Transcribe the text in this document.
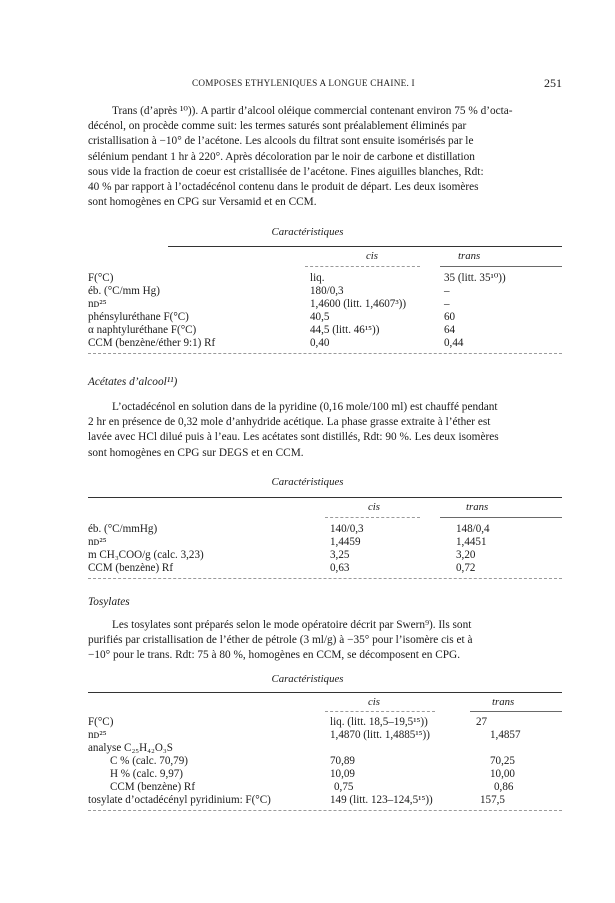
COMPOSES ETHYLENIQUES A LONGUE CHAINE. I	251
Trans (d’après ¹⁰)). A partir d’alcool oléique commercial contenant environ 75 % d’octa-
décénol, on procède comme suit: les termes saturés sont préalablement éliminés par
cristallisation à −10° de l’acétone. Les alcools du filtrat sont ensuite isomérisés par le
sélénium pendant 1 hr à 220°. Après décoloration par le noir de carbone et distillation
sous vide la fraction de coeur est cristallisée de l’acétone. Fines aiguilles blanches, Rdt:
40 % par rapport à l’octadécénol contenu dans le produit de départ. Les deux isomères
sont homogènes en CPG sur Versamid et en CCM.
Caractéristiques
cis	trans
F(°C)	liq.	35 (litt. 35¹⁰))
éb. (°C/mm Hg)	180/0,3	–
nᴅ²⁵	1,4600 (litt. 1,4607³))	–
phénsyluréthane F(°C)	40,5	60
α naphtyluréthane F(°C)	44,5 (litt. 46¹⁵))	64
CCM (benzène/éther 9:1) Rf	0,40	0,44
Acétates d’alcool¹¹)
L’octadécénol en solution dans de la pyridine (0,16 mole/100 ml) est chauffé pendant
2 hr en présence de 0,32 mole d’anhydride acétique. La phase grasse extraite à l’éther est
lavée avec HCl dilué puis à l’eau. Les acétates sont distillés, Rdt: 90 %. Les deux isomères
sont homogènes en CPG sur DEGS et en CCM.
Caractéristiques
cis	trans
éb. (°C/mmHg)	140/0,3	148/0,4
nᴅ²⁵	1,4459	1,4451
m CH₃COO/g (calc. 3,23)	3,25	3,20
CCM (benzène) Rf	0,63	0,72
Tosylates
Les tosylates sont préparés selon le mode opératoire décrit par Swern⁹). Ils sont
purifiés par cristallisation de l’éther de pétrole (3 ml/g) à −35° pour l’isomère cis et à
−10° pour le trans. Rdt: 75 à 80 %, homogènes en CCM, se décomposent en CPG.
Caractéristiques
cis	trans
F(°C)	liq. (litt. 18,5–19,5¹⁵))	27
nᴅ²⁵	1,4870 (litt. 1,4885¹⁵))	1,4857
analyse C₂₅H₄₂O₃S
C % (calc. 70,79)	70,89	70,25
H % (calc. 9,97)	10,09	10,00
CCM (benzène) Rf	0,75	0,86
tosylate d’octadécényl pyridinium: F(°C)	149 (litt. 123–124,5¹⁵))	157,5
